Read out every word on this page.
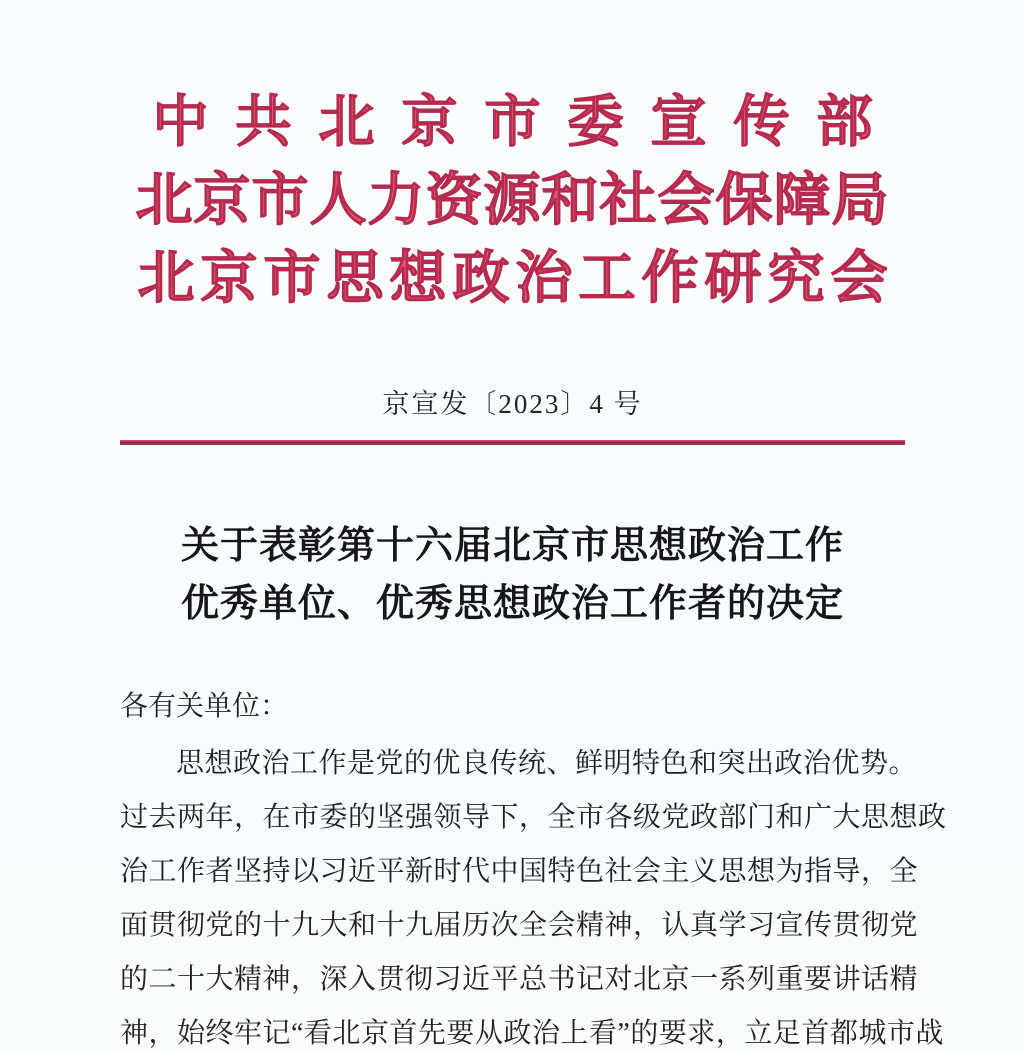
中共北京市委宣传部
北京市人力资源和社会保障局
北京市思想政治工作研究会
京宣发〔2023〕4 号
关于表彰第十六届北京市思想政治工作
优秀单位、优秀思想政治工作者的决定
各有关单位：
思想政治工作是党的优良传统、鲜明特色和突出政治优势。
过去两年，在市委的坚强领导下，全市各级党政部门和广大思想政
治工作者坚持以习近平新时代中国特色社会主义思想为指导，全
面贯彻党的十九大和十九届历次全会精神，认真学习宣传贯彻党
的二十大精神，深入贯彻习近平总书记对北京一系列重要讲话精
神，始终牢记“看北京首先要从政治上看”的要求，立足首都城市战
